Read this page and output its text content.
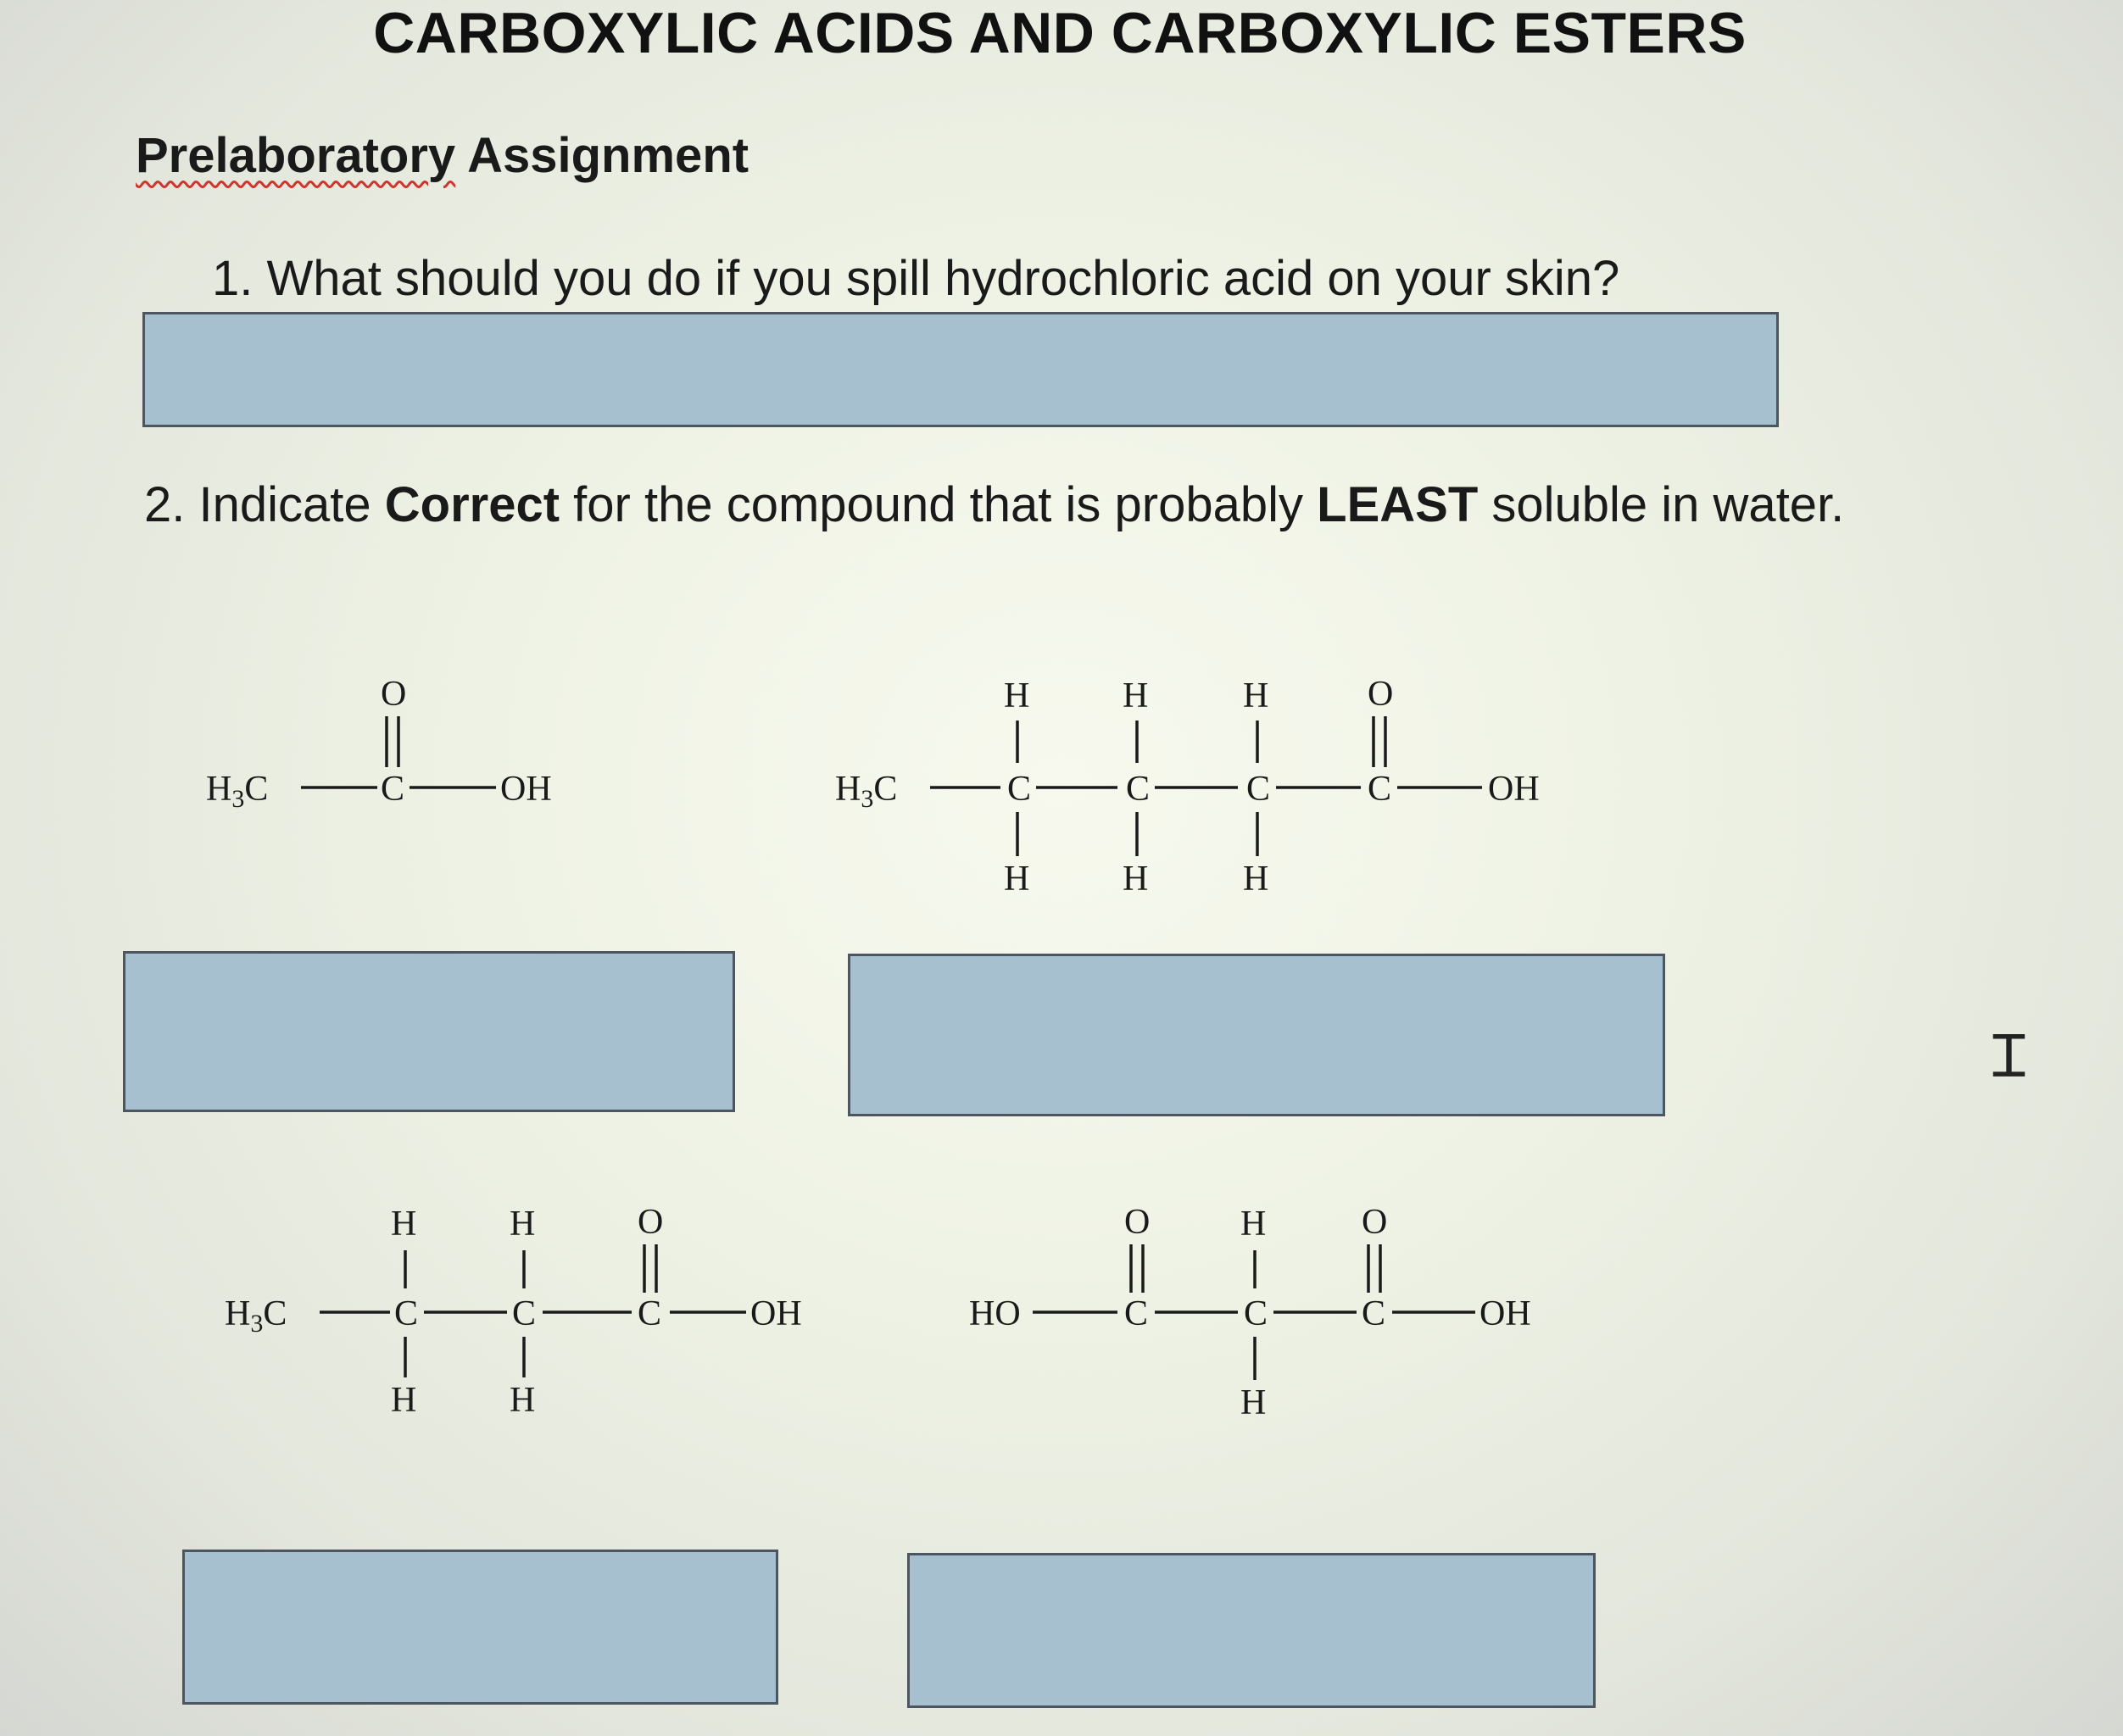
CARBOXYLIC ACIDS AND CARBOXYLIC ESTERS
Prelaboratory Assignment
1. What should you do if you spill hydrochloric acid on your skin?
2. Indicate Correct for the compound that is probably LEAST soluble in water.
H3C	C
O
OH	H3C	C
H
H
C
H
H
C
H
H
C
O
OH
H3C	C
H
H
C
H
H
C
O
OH	HO	C
O
C
H
H
C
O
OH
Ɪ
